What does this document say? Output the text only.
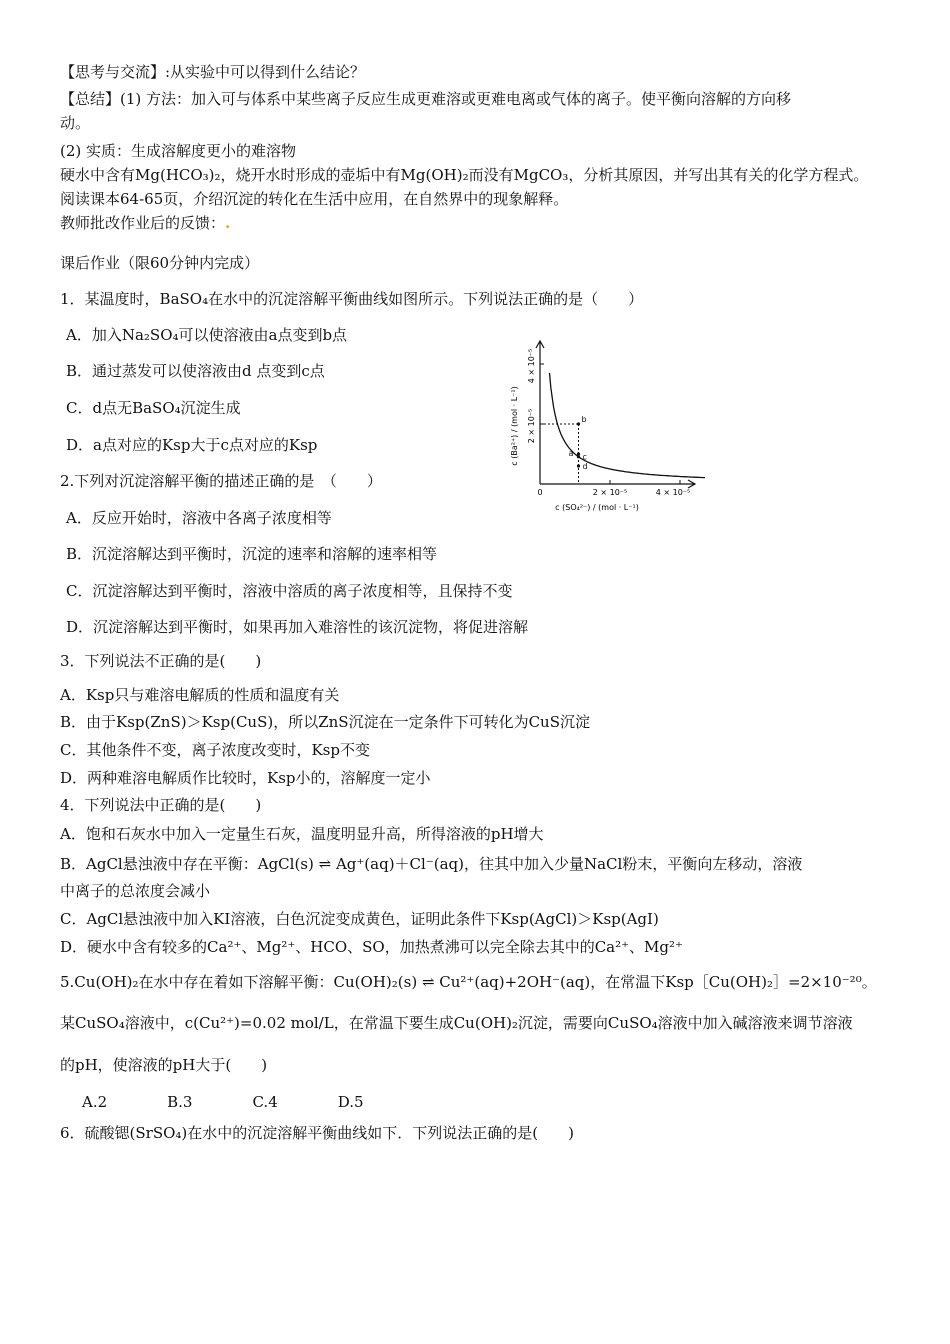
【思考与交流】:从实验中可以得到什么结论？
【总结】(1) 方法：加入可与体系中某些离子反应生成更难溶或更难电离或气体的离子。使平衡向溶解的方向移
动。
(2) 实质：生成溶解度更小的难溶物
硬水中含有Mg(HCO₃)₂，烧开水时形成的壶垢中有Mg(OH)₂而没有MgCO₃，分析其原因，并写出其有关的化学方程式。
阅读课本64-65页，介绍沉淀的转化在生活中应用，在自然界中的现象解释。
教师批改作业后的反馈：.
课后作业（限60分钟内完成）
1．某温度时，BaSO₄在水中的沉淀溶解平衡曲线如图所示。下列说法正确的是（　　）
A．加入Na₂SO₄可以使溶液由a点变到b点
B．通过蒸发可以使溶液由d 点变到c点
C．d点无BaSO₄沉淀生成
D．a点对应的Ksp大于c点对应的Ksp	a
b
c
d
0	2 × 10⁻⁵	4 × 10⁻⁵
c (SO₄²⁻) / (mol · L⁻¹)
2 × 10⁻⁵
4 × 10⁻⁵
c (Ba²⁺) / (mol · L⁻¹)
2.下列对沉淀溶解平衡的描述正确的是　（　　）
A．反应开始时，溶液中各离子浓度相等
B．沉淀溶解达到平衡时，沉淀的速率和溶解的速率相等
C．沉淀溶解达到平衡时，溶液中溶质的离子浓度相等，且保持不变
D．沉淀溶解达到平衡时，如果再加入难溶性的该沉淀物，将促进溶解
3．下列说法不正确的是(　　)
A．Ksp只与难溶电解质的性质和温度有关
B．由于Ksp(ZnS)＞Ksp(CuS)，所以ZnS沉淀在一定条件下可转化为CuS沉淀
C．其他条件不变，离子浓度改变时，Ksp不变
D．两种难溶电解质作比较时，Ksp小的，溶解度一定小
4．下列说法中正确的是(　　)
A．饱和石灰水中加入一定量生石灰，温度明显升高，所得溶液的pH增大
B．AgCl悬浊液中存在平衡：AgCl(s) ⇌ Ag⁺(aq)＋Cl⁻(aq)，往其中加入少量NaCl粉末，平衡向左移动，溶液
中离子的总浓度会减小
C．AgCl悬浊液中加入KI溶液，白色沉淀变成黄色，证明此条件下Ksp(AgCl)＞Ksp(AgI)
D．硬水中含有较多的Ca²⁺、Mg²⁺、HCO、SO，加热煮沸可以完全除去其中的Ca²⁺、Mg²⁺
5.Cu(OH)₂在水中存在着如下溶解平衡：Cu(OH)₂(s) ⇌ Cu²⁺(aq)+2OH⁻(aq)，在常温下Ksp［Cu(OH)₂］=2×10⁻²⁰。
某CuSO₄溶液中，c(Cu²⁺)=0.02 mol/L，在常温下要生成Cu(OH)₂沉淀，需要向CuSO₄溶液中加入碱溶液来调节溶液
的pH，使溶液的pH大于(　　)
A.2　　　　B.3　　　　C.4　　　　D.5
6．硫酸锶(SrSO₄)在水中的沉淀溶解平衡曲线如下．下列说法正确的是(　　)
